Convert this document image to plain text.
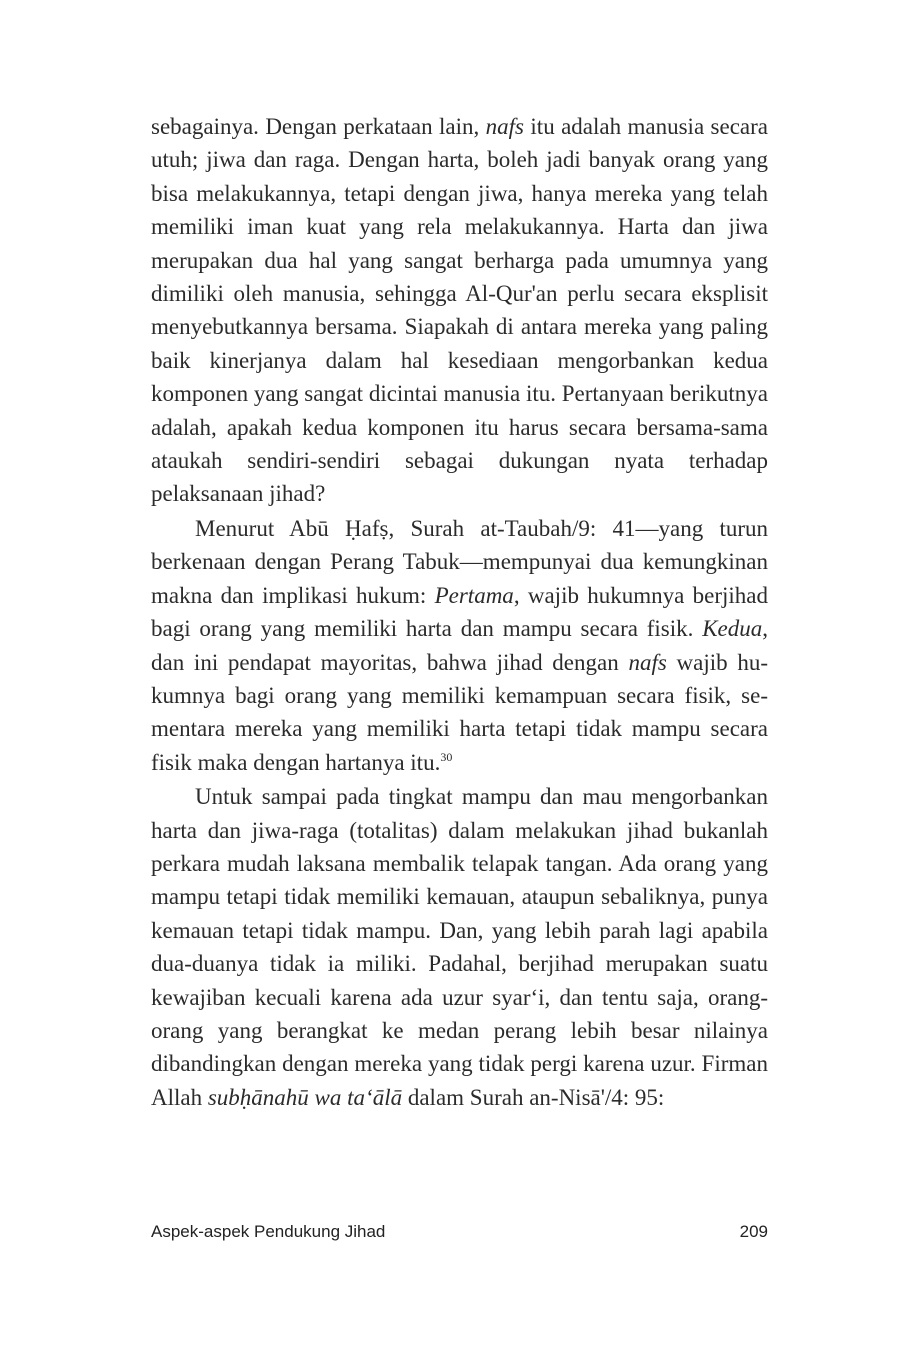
sebagainya. Dengan perkataan lain, nafs itu adalah manusia secara utuh; jiwa dan raga. Dengan harta, boleh jadi banyak orang yang bisa melakukannya, tetapi dengan jiwa, hanya mereka yang telah memiliki iman kuat yang rela melakukannya. Harta dan jiwa merupakan dua hal yang sangat berharga pada umumnya yang dimiliki oleh manusia, sehingga Al-Qur'an perlu secara eksplisit menyebutkannya bersama. Siapakah di antara mereka yang paling baik kinerjanya dalam hal kesediaan mengorbankan kedua komponen yang sangat dicintai manusia itu. Pertanyaan berikutnya adalah, apakah kedua komponen itu harus secara bersama-sama ataukah sendiri-sendiri sebagai dukungan nyata terhadap pelaksanaan jihad?

Menurut Abū Ḥafṣ, Surah at-Taubah/9: 41—yang turun berkenaan dengan Perang Tabuk—mempunyai dua kemungkinan makna dan implikasi hukum: Pertama, wajib hukumnya berjihad bagi orang yang memiliki harta dan mampu secara fisik. Kedua, dan ini pendapat mayoritas, bahwa jihad dengan nafs wajib hukumnya bagi orang yang memiliki kemampuan secara fisik, sementara mereka yang memiliki harta tetapi tidak mampu secara fisik maka dengan hartanya itu.$^{30}$

Untuk sampai pada tingkat mampu dan mau mengorbankan harta dan jiwa-raga (totalitas) dalam melakukan jihad bukanlah perkara mudah laksana membalik telapak tangan. Ada orang yang mampu tetapi tidak memiliki kemauan, ataupun sebaliknya, punya kemauan tetapi tidak mampu. Dan, yang lebih parah lagi apabila dua-duanya tidak ia miliki. Padahal, berjihad merupakan suatu kewajiban kecuali karena ada uzur syar‘i, dan tentu saja, orang-orang yang berangkat ke medan perang lebih besar nilainya dibandingkan dengan mereka yang tidak pergi karena uzur. Firman Allah subḥānahū wa ta‘ālā dalam Surah an-Nisā'/4: 95:

Aspek-aspek Pendukung Jihad	209
